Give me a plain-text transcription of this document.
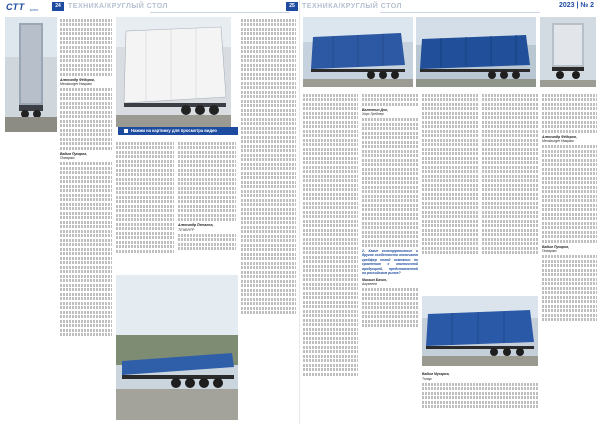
СТТ EXPO
24	ТЕХНИКА/КРУГЛЫЙ СТОЛ	25	ТЕХНИКА/КРУГЛЫЙ СТОЛ	2023 | № 2
Александр Фёдоров,
Meusburger Нмграм
Вадим Пукаров,
Полярэкс
Нажми на картинку для просмотра видео
Александр Петалов,
ТЛ КЕНТР
Валентин Дно,
Хорс Грейнер
2. Какие конструктивные и другие особенности отличают грейфер новой компании по сравнению с аналогичной продукцией, представленной на российском рынке?
Михаил Бачин,
Агуэлеев
Александр Фёдоров,
Meusburger Нмграм
Вадим Пукаров,
Полярэкс
Вадим Мухаров,
Тонар
